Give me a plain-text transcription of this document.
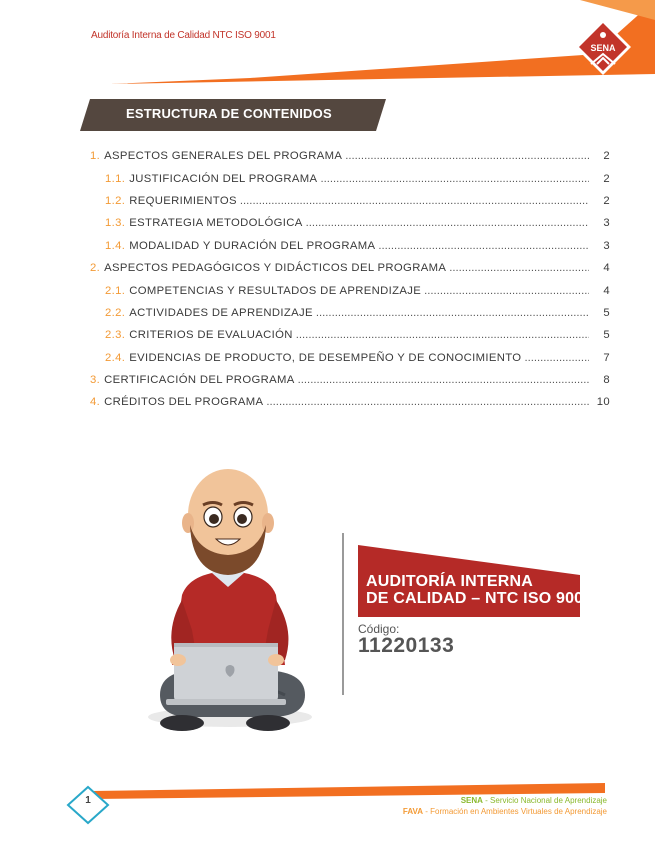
Auditoría Interna de Calidad NTC ISO 9001
SENA
ESTRUCTURA DE CONTENIDOS
1. ASPECTOS GENERALES DEL PROGRAMA .....	2
1.1. JUSTIFICACIÓN DEL PROGRAMA .....	2
1.2. REQUERIMIENTOS .....	2
1.3. ESTRATEGIA METODOLÓGICA .....	3
1.4. MODALIDAD Y DURACIÓN DEL PROGRAMA .....	3
2. ASPECTOS PEDAGÓGICOS Y DIDÁCTICOS DEL PROGRAMA .....	4
2.1. COMPETENCIAS Y RESULTADOS DE APRENDIZAJE .....	4
2.2. ACTIVIDADES DE APRENDIZAJE .....	5
2.3. CRITERIOS DE EVALUACIÓN .....	5
2.4. EVIDENCIAS DE PRODUCTO, DE DESEMPEÑO Y DE CONOCIMIENTO .....	7
3. CERTIFICACIÓN DEL PROGRAMA .....	8
4. CRÉDITOS DEL PROGRAMA .....	10
AUDITORÍA INTERNA
DE CALIDAD – NTC ISO 9001
Código:
11220133
1	SENA - Servicio Nacional de Aprendizaje
FAVA - Formación en Ambientes Virtuales de Aprendizaje
